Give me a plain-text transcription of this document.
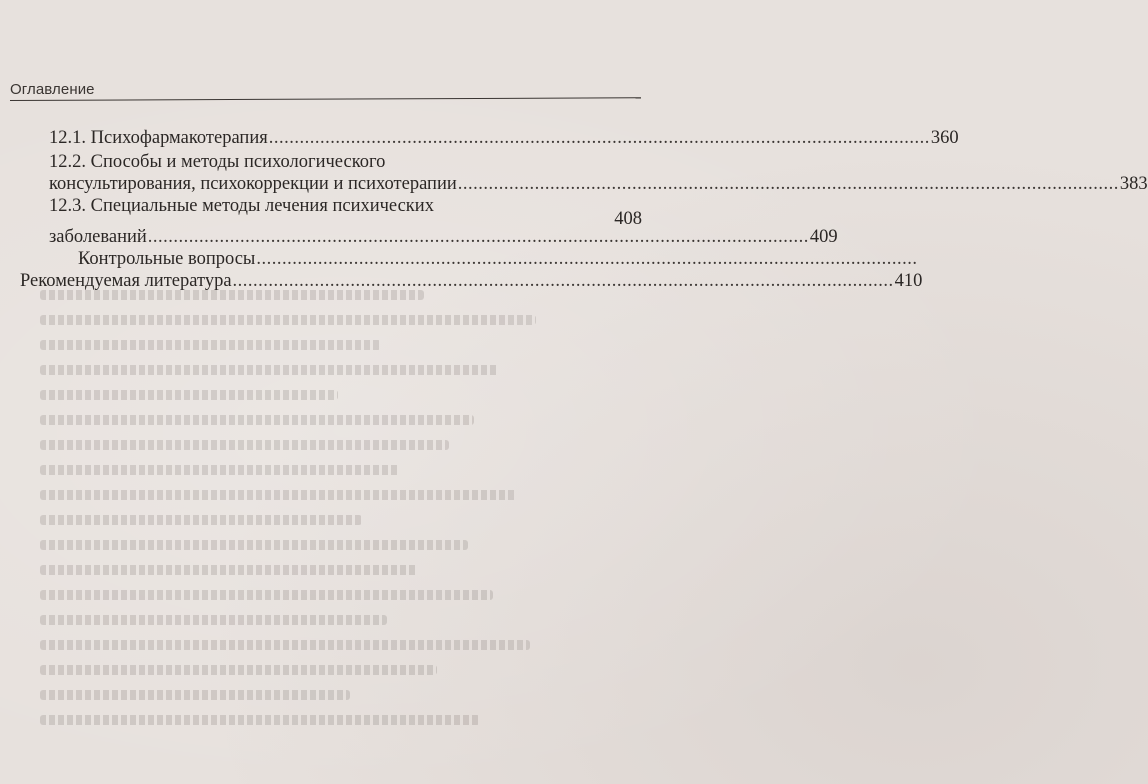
Оглавление
12.1. Психофармакотерапия ................................................................................................................................. 360
12.2. Способы и методы психологического
консультирования, психокоррекции и психотерапии ................................................................................................................................. 383
12.3. Специальные методы лечения психических
408
заболеваний ................................................................................................................................. 409
Контрольные вопросы .................................................................................................................................
Рекомендуемая литература ................................................................................................................................. 410
